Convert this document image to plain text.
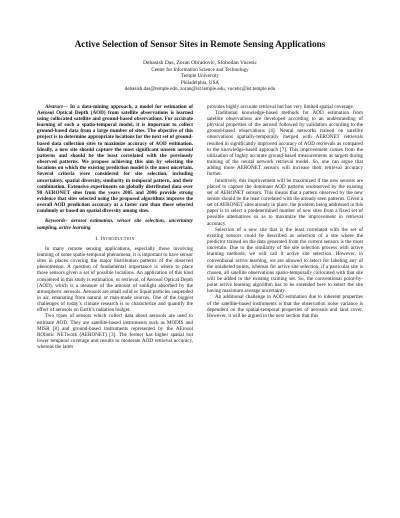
Active Selection of Sensor Sites in Remote Sensing Applications
Debasish Das, Zoran Obradovic, Slobodan Vucetic
Center for Information Science and Technology
Temple University
Philadelphia, USA
debasish.das@temple.edu, zoran@ist.temple.edu, vucetic@ist.temple.edu

Abstract— In a data-mining approach, a model for estimation of Aerosol Optical Depth (AOD) from satellite observations is learned using collocated satellite and ground-based observations. For accurate learning of such a spatio-temporal model, it is important to collect ground-based data from a large number of sites. The objective of this project is to determine appropriate locations for the next set of ground-based data collection sites to maximize accuracy of AOD estimation. Ideally, a new site should capture the most significant unseen aerosol patterns and should be the least correlated with the previously observed patterns. We propose achieving this aim by selecting the locations on which the existing prediction model is the most uncertain. Several criteria were considered for site selection, including uncertainty, spatial diversity, similarity in temporal pattern, and their combination. Extensive experiments on globally distributed data over 90 AERONET sites from the years 2005 and 2006 provide strong evidence that sites selected using the proposed algorithms improve the overall AOD prediction accuracy at a faster rate than those selected randomly or based on spatial diversity among sites.

Keywords- aerosol estimation, sensor site selection, uncertainty sampling, active learning

I. Introduction

In many remote sensing applications, especially those involving learning of some spatio-temporal phenomena, it is important to have sensor sites in places covering the major distribution patterns of the observed phenomenon. A question of fundamental importance is where to place those sensors given a set of possible locations. An application of this kind considered in this study is estimation, or retrieval, of Aerosol Optical Depth (AOD), which is a measure of the amount of sunlight absorbed by the atmospheric aerosols. Aerosols are small solid or liquid particles suspended in air, emanating from natural or man-made sources. One of the biggest challenges of today’s climate research is to characterize and quantify the effect of aerosols on Earth’s radiation budget.

Two types of sensors which collect data about aerosols are used to estimate AOD. They are satellite-based instruments such as MODIS and MISR [8] and ground-based instruments represented by the AErosol RObotic NETwork (AERONET) [3]. The former has higher spatial but lower temporal coverage and results in moderate AOD retrieval accuracy, whereas the latter

provides highly accurate retrieval but has very limited spatial coverage.

Traditional knowledge-based methods for AOD estimation from satellite observations are developed according to an understanding of physical properties of the aerosol followed by validation according to the ground-based observations [4]. Neural networks trained on satellite observations spatially-temporally merged with AERONET retrievals resulted in significantly improved accuracy of AOD retrievals as compared to the knowledge-based approach [7]. This improvement comes from the utilization of highly accurate ground-based measurements as targets during training of the neural network retrieval model. So, one can argue that adding more AERONET sensors will increase their retrieval accuracy further.

Intuitively, this improvement will be maximized if the new sensors are placed to capture the dominant AOD patterns unobserved by the existing set of AERONET sensors. This means that a pattern observed by the new sensor should be the least correlated with the already seen patterns. Given a set of AERONET sites already in place, the problem being addressed in this paper is to select a predetermined number of new sites from a fixed set of possible alternatives so as to maximize the improvement in retrieval accuracy.

Selection of a new site that is the least correlated with the set of existing sensors could be described as selection of a site where the predictor trained on the data generated from the current sensors is the most uncertain. Due to the similarity of the site selection process with active learning methods, we will call it active site selection. However, in conventional active learning, we are allowed to select for labeling any of the unlabeled points, whereas for active site selection, if a particular site is chosen, all satellite observations spatio-temporally collocated with that site will be added to the existing training set. So, the conventional point-by-point active learning algorithm has to be extended here to select the site having maximum average uncertainty.

An additional challenge in AOD estimation due to inherent properties of the satellite-based instruments is that the observation noise variance is dependent on the spatial-temporal properties of aerosols and land cover. However, it will be argued in the next section that this
